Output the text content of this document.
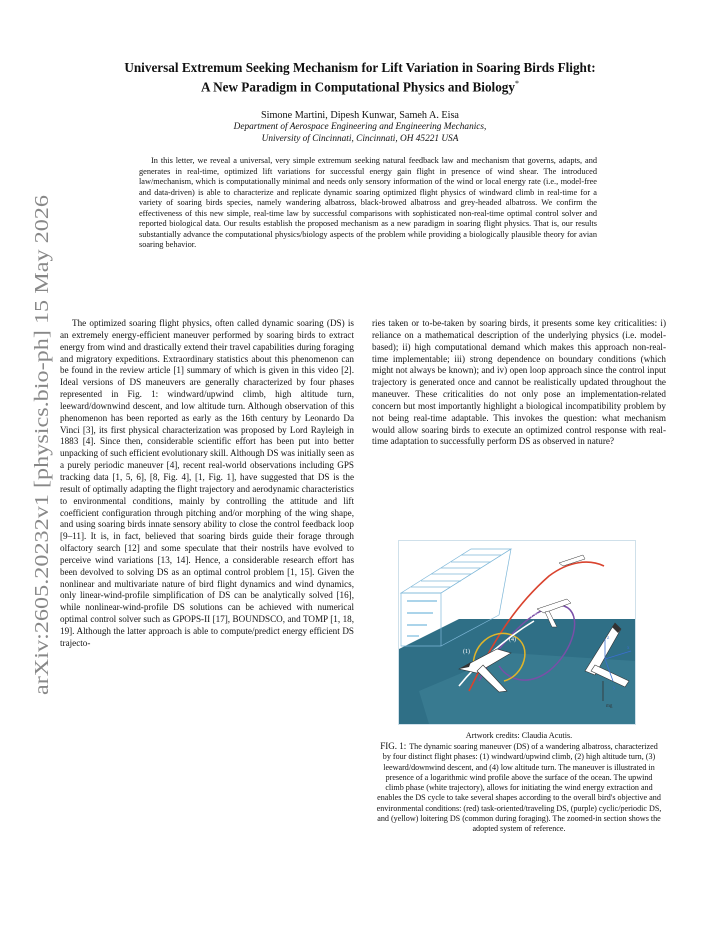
arXiv:2605.20232v1 [physics.bio-ph] 15 May 2026
Universal Extremum Seeking Mechanism for Lift Variation in Soaring Birds Flight:
A New Paradigm in Computational Physics and Biology*
Simone Martini, Dipesh Kunwar, Sameh A. Eisa
Department of Aerospace Engineering and Engineering Mechanics,
University of Cincinnati, Cincinnati, OH 45221 USA

In this letter, we reveal a universal, very simple extremum seeking natural feedback law and mechanism that governs, adapts, and generates in real-time, optimized lift variations for successful energy gain flight in presence of wind shear. The introduced law/mechanism, which is computationally minimal and needs only sensory information of the wind or local energy rate (i.e., model-free and data-driven) is able to characterize and replicate dynamic soaring optimized flight physics of windward climb in real-time for a variety of soaring birds species, namely wandering albatross, black-browed albatross and grey-headed albatross. We confirm the effectiveness of this new simple, real-time law by successful comparisons with sophisticated non-real-time optimal control solver and reported biological data. Our results establish the proposed mechanism as a new paradigm in soaring flight physics. That is, our results substantially advance the computational physics/biology aspects of the problem while providing a biologically plausible theory for avian soaring behavior.

The optimized soaring flight physics, often called dynamic soaring (DS) is an extremely energy-efficient maneuver performed by soaring birds to extract energy from wind and drastically extend their travel capabilities during foraging and migratory expeditions. Extraordinary statistics about this phenomenon can be found in the review article [1] summary of which is given in this video [2]. Ideal versions of DS maneuvers are generally characterized by four phases represented in Fig. 1: windward/upwind climb, high altitude turn, leeward/downwind descent, and low altitude turn. Although observation of this phenomenon has been reported as early as the 16th century by Leonardo Da Vinci [3], its first physical characterization was proposed by Lord Rayleigh in 1883 [4]. Since then, considerable scientific effort has been put into better unpacking of such efficient evolutionary skill. Although DS was initially seen as a purely periodic maneuver [4], recent real-world observations including GPS tracking data [1, 5, 6], [8, Fig. 4], [1, Fig. 1], have suggested that DS is the result of optimally adapting the flight trajectory and aerodynamic characteristics to environmental conditions, mainly by controlling the attitude and lift coefficient configuration through pitching and/or morphing of the wing shape, and using soaring birds innate sensory ability to close the control feedback loop [9–11]. It is, in fact, believed that soaring birds guide their forage through olfactory search [12] and some speculate that their nostrils have evolved to perceive wind variations [13, 14]. Hence, a considerable research effort has been devolved to solving DS as an optimal control problem [1, 15]. Given the nonlinear and multivariate nature of bird flight dynamics and wind dynamics, only linear-wind-profile simplification of DS can be analytically solved [16], while nonlinear-wind-profile DS solutions can be achieved with numerical optimal control solver such as GPOPS-II [17], BOUNDSCO, and TOMP [1, 18, 19]. Although the latter approach is able to compute/predict energy efficient DS trajecto-

ries taken or to-be-taken by soaring birds, it presents some key criticalities: i) reliance on a mathematical description of the underlying physics (i.e. model-based); ii) high computational demand which makes this approach non-real-time implementable; iii) strong dependence on boundary conditions (which might not always be known); and iv) open loop approach since the control input trajectory is generated once and cannot be realistically updated throughout the maneuver. These criticalities do not only pose an implementation-related concern but most importantly highlight a biological incompatibility problem by not being real-time adaptable. This invokes the question: what mechanism would allow soaring birds to execute an optimized control response with real-time adaptation to successfully perform DS as observed in nature?

(1)
(2)
(3)
(4)
x
y
z
mg
Artwork credits: Claudia Acutis.
FIG. 1: The dynamic soaring maneuver (DS) of a wandering albatross, characterized by four distinct flight phases: (1) windward/upwind climb, (2) high altitude turn, (3) leeward/downwind descent, and (4) low altitude turn. The maneuver is illustrated in presence of a logarithmic wind profile above the surface of the ocean. The upwind climb phase (white trajectory), allows for initiating the wind energy extraction and enables the DS cycle to take several shapes according to the overall bird's objective and environmental conditions: (red) task-oriented/traveling DS, (purple) cyclic/periodic DS, and (yellow) loitering DS (common during foraging). The zoomed-in section shows the adopted system of reference.
